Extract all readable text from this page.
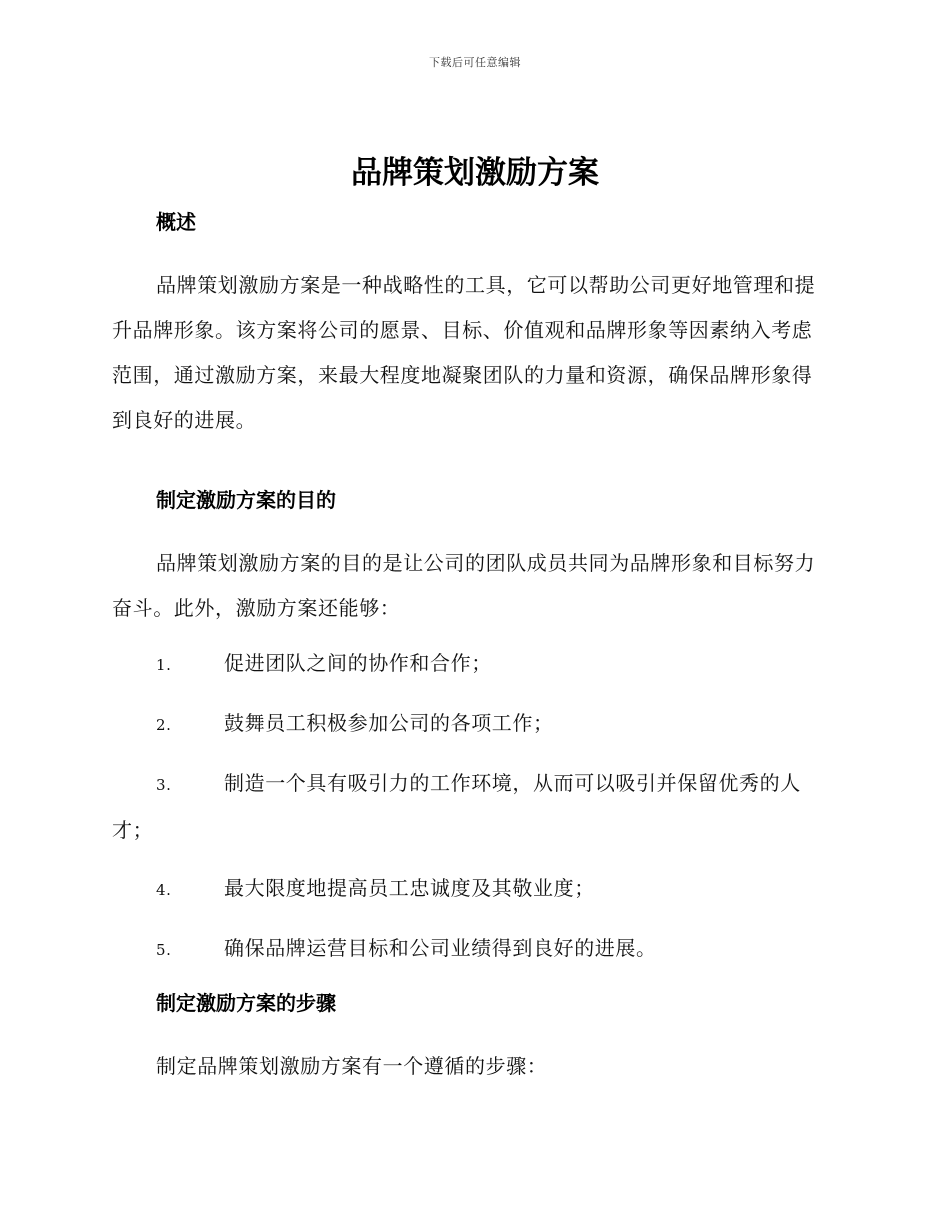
下载后可任意编辑
品牌策划激励方案
概述

品牌策划激励方案是一种战略性的工具，它可以帮助公司更好地管理和提升品牌形象。该方案将公司的愿景、目标、价值观和品牌形象等因素纳入考虑范围，通过激励方案，来最大程度地凝聚团队的力量和资源，确保品牌形象得到良好的进展。

制定激励方案的目的

品牌策划激励方案的目的是让公司的团队成员共同为品牌形象和目标努力奋斗。此外，激励方案还能够：

1.	促进团队之间的协作和合作；
2.	鼓舞员工积极参加公司的各项工作；
3.	制造一个具有吸引力的工作环境，从而可以吸引并保留优秀的人才；
4.	最大限度地提高员工忠诚度及其敬业度；
5.	确保品牌运营目标和公司业绩得到良好的进展。
制定激励方案的步骤

制定品牌策划激励方案有一个遵循的步骤：
